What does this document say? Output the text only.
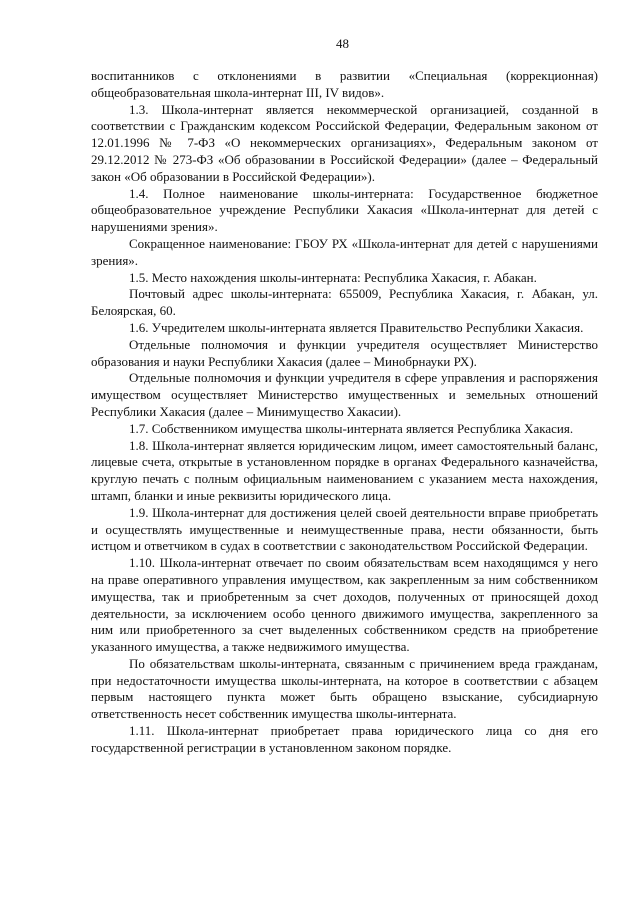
48

воспитанников с отклонениями в развитии «Специальная (коррекционная) общеобразовательная школа-интернат III, IV видов».

1.3. Школа-интернат является некоммерческой организацией, созданной в соответствии с Гражданским кодексом Российской Федерации, Федеральным законом от 12.01.1996 № 7-ФЗ «О некоммерческих организациях», Федеральным законом от 29.12.2012 № 273-ФЗ «Об образовании в Российской Федерации» (далее – Федеральный закон «Об образовании в Российской Федерации»).

1.4. Полное наименование школы-интерната: Государственное бюджетное общеобразовательное учреждение Республики Хакасия «Школа-интернат для детей с нарушениями зрения».

Сокращенное наименование: ГБОУ РХ «Школа-интернат для детей с нарушениями зрения».

1.5. Место нахождения школы-интерната: Республика Хакасия, г. Абакан.

Почтовый адрес школы-интерната: 655009, Республика Хакасия, г. Абакан, ул. Белоярская, 60.

1.6. Учредителем школы-интерната является Правительство Республики Хакасия.

Отдельные полномочия и функции учредителя осуществляет Министерство образования и науки Республики Хакасия (далее – Минобрнауки РХ).

Отдельные полномочия и функции учредителя в сфере управления и распоряжения имуществом осуществляет Министерство имущественных и земельных отношений Республики Хакасия (далее – Минимущество Хакасии).

1.7. Собственником имущества школы-интерната является Республика Хакасия.

1.8. Школа-интернат является юридическим лицом, имеет самостоятельный баланс, лицевые счета, открытые в установленном порядке в органах Федерального казначейства, круглую печать с полным официальным наименованием с указанием места нахождения, штамп, бланки и иные реквизиты юридического лица.

1.9. Школа-интернат для достижения целей своей деятельности вправе приобретать и осуществлять имущественные и неимущественные права, нести обязанности, быть истцом и ответчиком в судах в соответствии с законодательством Российской Федерации.

1.10. Школа-интернат отвечает по своим обязательствам всем находящимся у него на праве оперативного управления имуществом, как закрепленным за ним собственником имущества, так и приобретенным за счет доходов, полученных от приносящей доход деятельности, за исключением особо ценного движимого имущества, закрепленного за ним или приобретенного за счет выделенных собственником средств на приобретение указанного имущества, а также недвижимого имущества.

По обязательствам школы-интерната, связанным с причинением вреда гражданам, при недостаточности имущества школы-интерната, на которое в соответствии с абзацем первым настоящего пункта может быть обращено взыскание, субсидиарную ответственность несет собственник имущества школы-интерната.

1.11. Школа-интернат приобретает права юридического лица со дня его государственной регистрации в установленном законом порядке.
